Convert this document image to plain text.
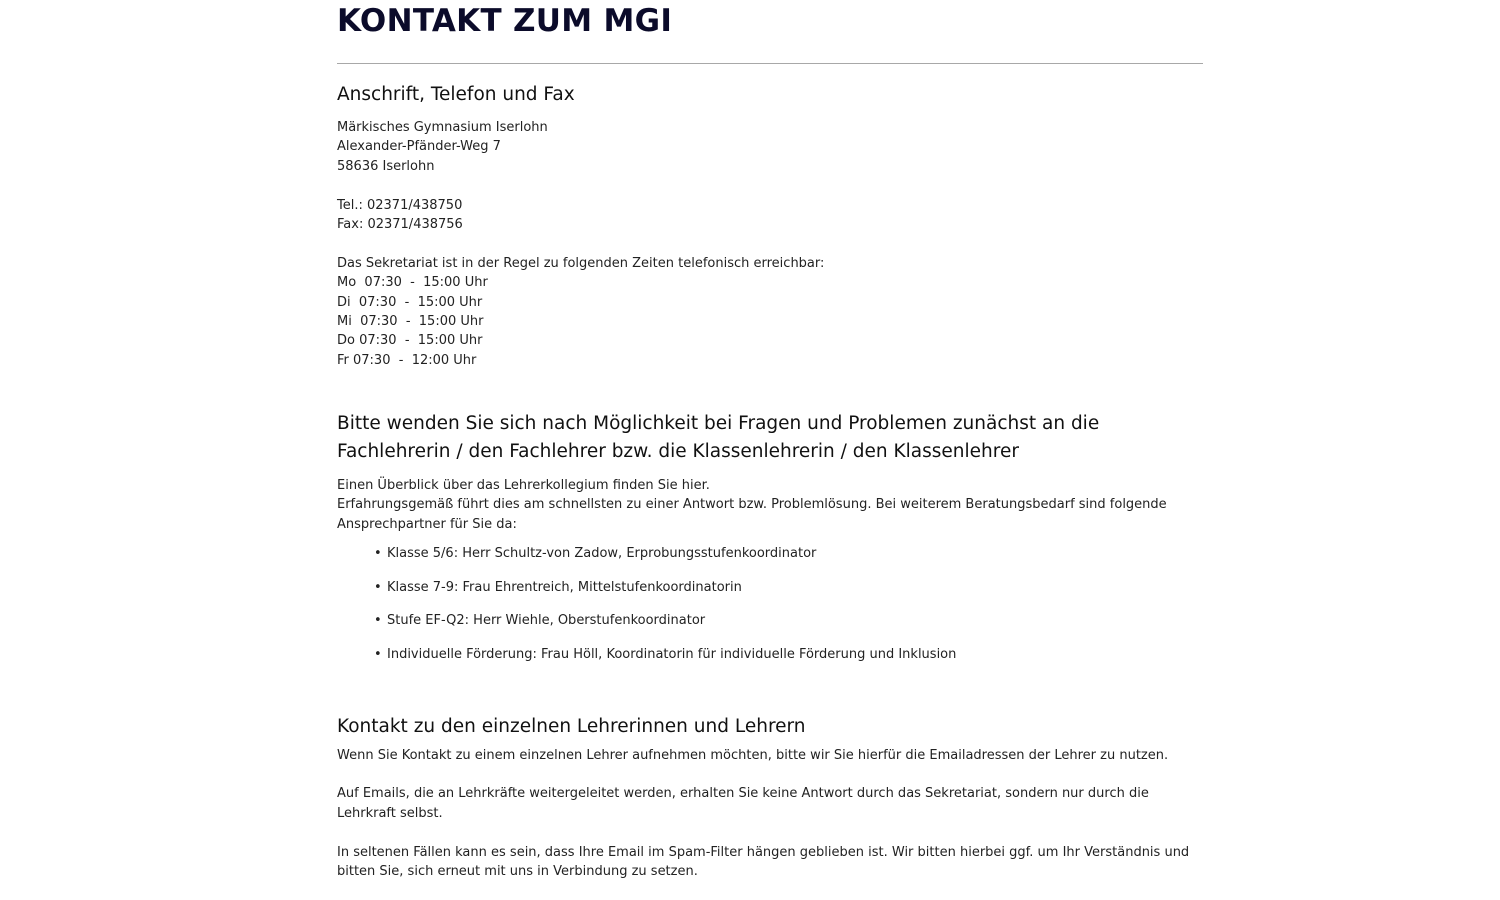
KONTAKT ZUM MGI
Anschrift, Telefon und Fax
Märkisches Gymnasium Iserlohn
Alexander-Pfänder-Weg 7
58636 Iserlohn
Tel.: 02371/438750
Fax: 02371/438756
Das Sekretariat ist in der Regel zu folgenden Zeiten telefonisch erreichbar:
Mo  07:30  -  15:00 Uhr
Di  07:30  -  15:00 Uhr
Mi  07:30  -  15:00 Uhr
Do 07:30  -  15:00 Uhr
Fr 07:30  -  12:00 Uhr
Bitte wenden Sie sich nach Möglichkeit bei Fragen und Problemen zunächst an die
Fachlehrerin / den Fachlehrer bzw. die Klassenlehrerin / den Klassenlehrer
Einen Überblick über das Lehrerkollegium finden Sie hier.
Erfahrungsgemäß führt dies am schnellsten zu einer Antwort bzw. Problemlösung. Bei weiterem Beratungsbedarf sind folgende
Ansprechpartner für Sie da:
• Klasse 5/6: Herr Schultz-von Zadow, Erprobungsstufenkoordinator
• Klasse 7-9: Frau Ehrentreich, Mittelstufenkoordinatorin
• Stufe EF-Q2: Herr Wiehle, Oberstufenkoordinator
• Individuelle Förderung: Frau Höll, Koordinatorin für individuelle Förderung und Inklusion
Kontakt zu den einzelnen Lehrerinnen und Lehrern
Wenn Sie Kontakt zu einem einzelnen Lehrer aufnehmen möchten, bitte wir Sie hierfür die Emailadressen der Lehrer zu nutzen.
Auf Emails, die an Lehrkräfte weitergeleitet werden, erhalten Sie keine Antwort durch das Sekretariat, sondern nur durch die
Lehrkraft selbst.
In seltenen Fällen kann es sein, dass Ihre Email im Spam-Filter hängen geblieben ist. Wir bitten hierbei ggf. um Ihr Verständnis und
bitten Sie, sich erneut mit uns in Verbindung zu setzen.
